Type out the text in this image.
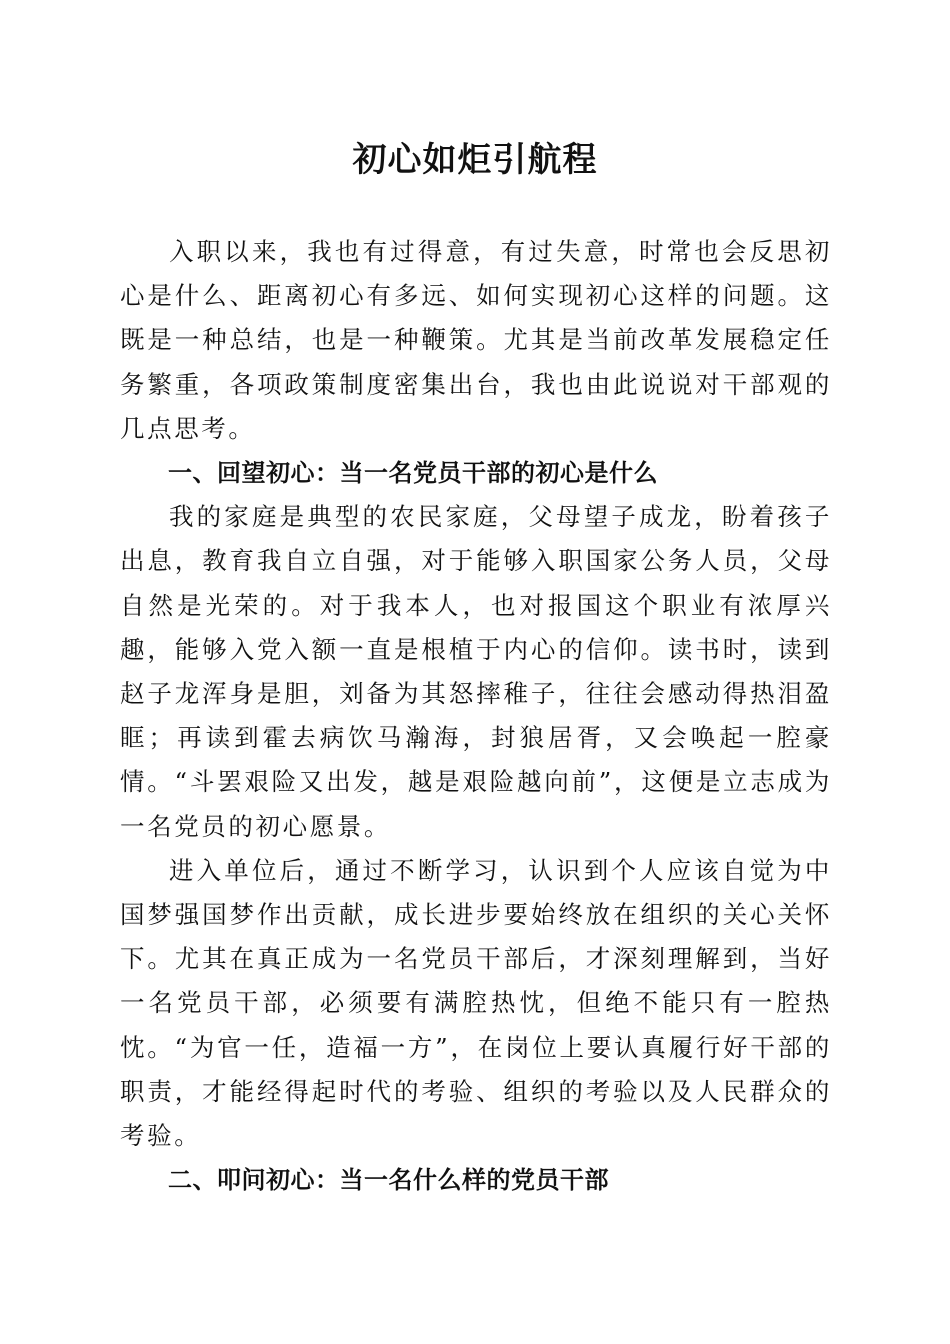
初心如炬引航程

入职以来，我也有过得意，有过失意，时常也会反思初心是什么、距离初心有多远、如何实现初心这样的问题。这既是一种总结，也是一种鞭策。尤其是当前改革发展稳定任务繁重，各项政策制度密集出台，我也由此说说对干部观的几点思考。

一、回望初心：当一名党员干部的初心是什么

我的家庭是典型的农民家庭，父母望子成龙，盼着孩子出息，教育我自立自强，对于能够入职国家公务人员，父母自然是光荣的。对于我本人，也对报国这个职业有浓厚兴趣，能够入党入额一直是根植于内心的信仰。读书时，读到赵子龙浑身是胆，刘备为其怒摔稚子，往往会感动得热泪盈眶；再读到霍去病饮马瀚海，封狼居胥，又会唤起一腔豪情。“斗罢艰险又出发，越是艰险越向前”，这便是立志成为一名党员的初心愿景。

进入单位后，通过不断学习，认识到个人应该自觉为中国梦强国梦作出贡献，成长进步要始终放在组织的关心关怀下。尤其在真正成为一名党员干部后，才深刻理解到，当好一名党员干部，必须要有满腔热忱，但绝不能只有一腔热忱。“为官一任，造福一方”，在岗位上要认真履行好干部的职责，才能经得起时代的考验、组织的考验以及人民群众的考验。

二、叩问初心：当一名什么样的党员干部
